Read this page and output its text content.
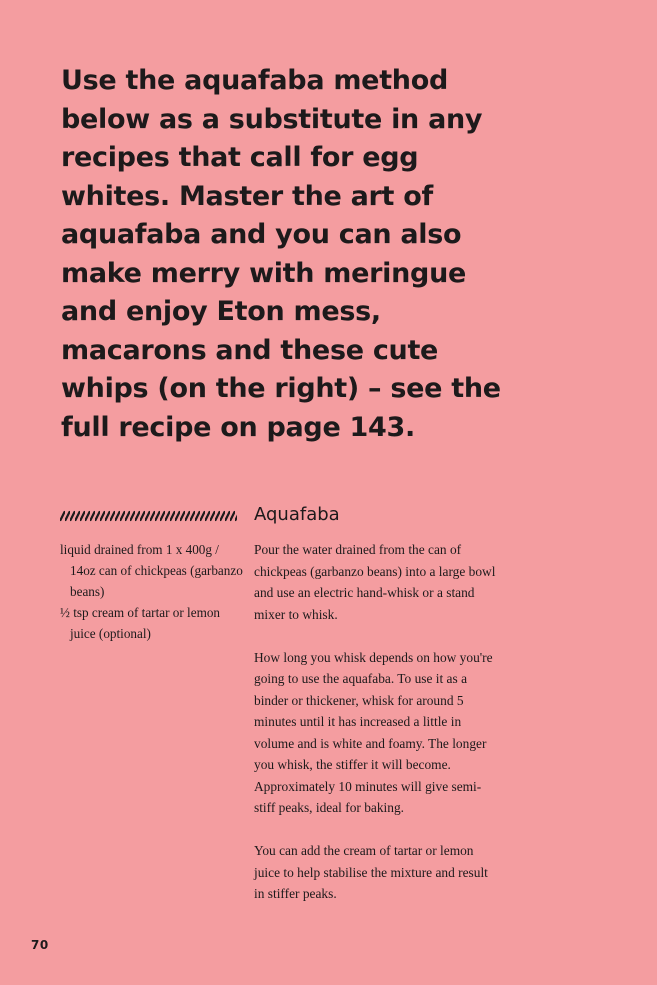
Use the aquafaba method below as a substitute in any recipes that call for egg whites. Master the art of aquafaba and you can also make merry with meringue and enjoy Eton mess, macarons and these cute whips (on the right) – see the full recipe on page 143.

Aquafaba
liquid drained from 1 x 400g / 14oz can of chickpeas (garbanzo beans)
½ tsp cream of tartar or lemon juice (optional)

Pour the water drained from the can of chickpeas (garbanzo beans) into a large bowl and use an electric hand-whisk or a stand mixer to whisk.

How long you whisk depends on how you're going to use the aquafaba. To use it as a binder or thickener, whisk for around 5 minutes until it has increased a little in volume and is white and foamy. The longer you whisk, the stiffer it will become. Approximately 10 minutes will give semi-stiff peaks, ideal for baking.

You can add the cream of tartar or lemon juice to help stabilise the mixture and result in stiffer peaks.

70
